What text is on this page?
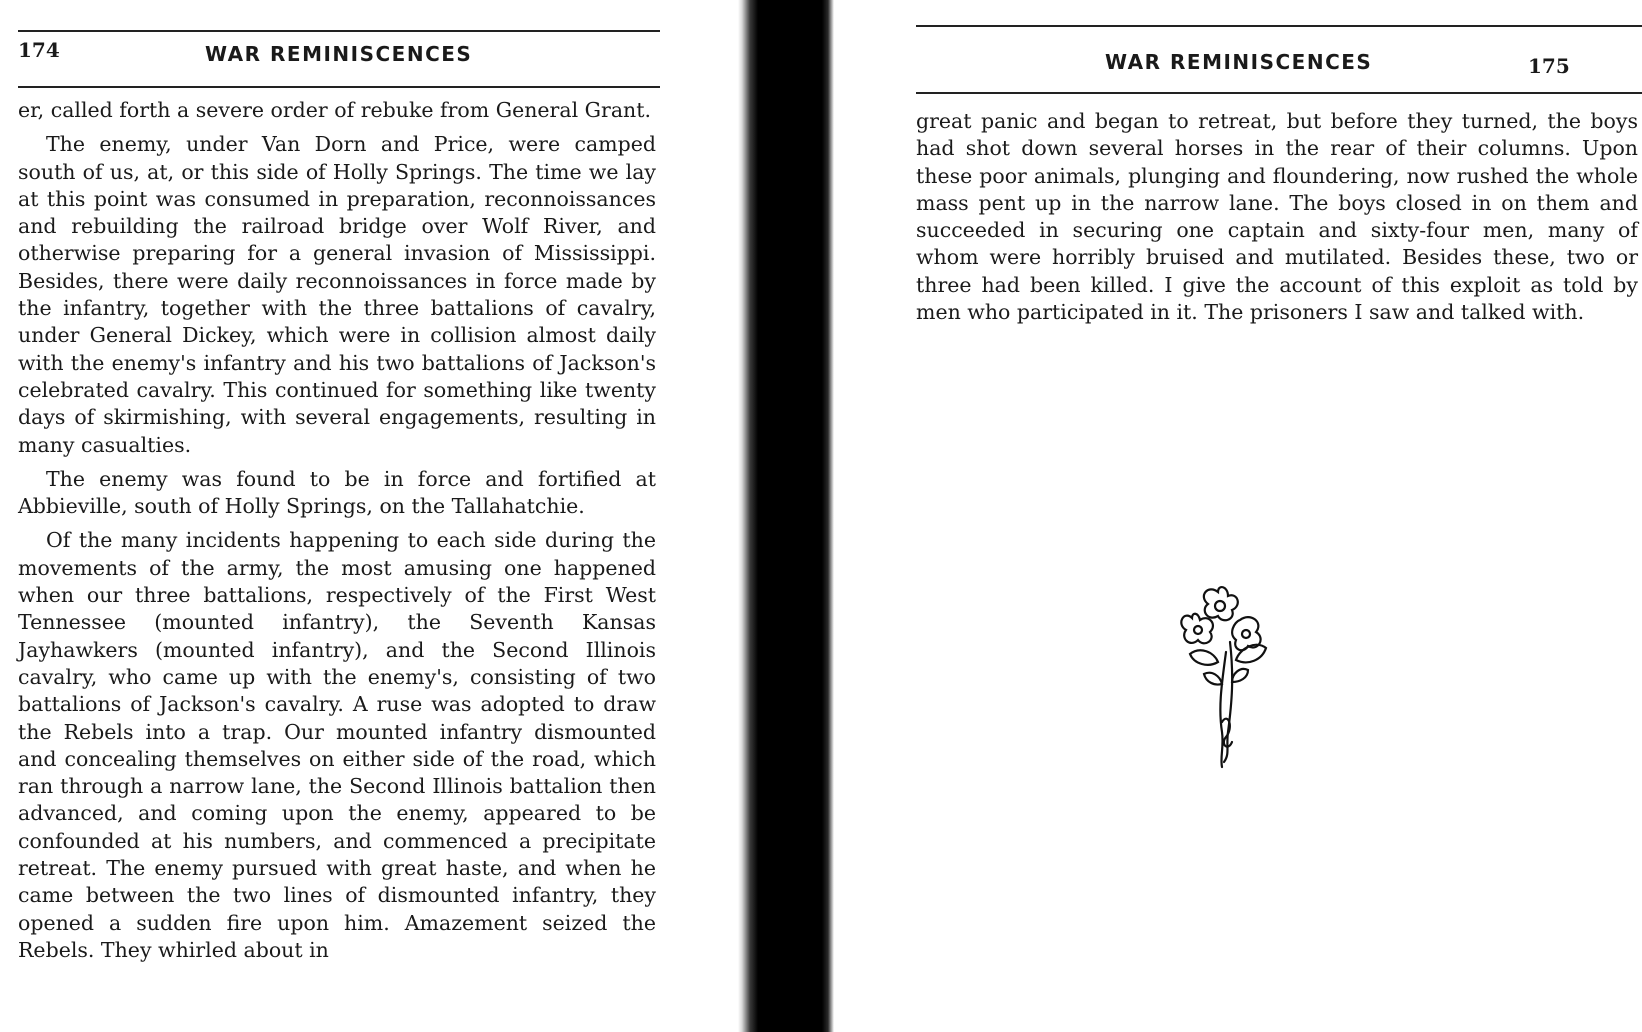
174	WAR REMINISCENCES

er, called forth a severe order of rebuke from General Grant.

The enemy, under Van Dorn and Price, were camped south of us, at, or this side of Holly Springs. The time we lay at this point was consumed in preparation, reconnoissances and rebuilding the railroad bridge over Wolf River, and otherwise preparing for a general invasion of Mississippi. Besides, there were daily reconnoissances in force made by the infantry, together with the three battalions of cavalry, under General Dickey, which were in collision almost daily with the enemy's infantry and his two battalions of Jackson's celebrated cavalry. This continued for something like twenty days of skirmishing, with several engagements, resulting in many casualties.

The enemy was found to be in force and fortified at Abbieville, south of Holly Springs, on the Tallahatchie.

Of the many incidents happening to each side during the movements of the army, the most amusing one happened when our three battalions, respectively of the First West Tennessee (mounted infantry), the Seventh Kansas Jayhawkers (mounted infantry), and the Second Illinois cavalry, who came up with the enemy's, consisting of two battalions of Jackson's cavalry. A ruse was adopted to draw the Rebels into a trap. Our mounted infantry dismounted and concealing themselves on either side of the road, which ran through a narrow lane, the Second Illinois battalion then advanced, and coming upon the enemy, appeared to be confounded at his numbers, and commenced a precipitate retreat. The enemy pursued with great haste, and when he came between the two lines of dismounted infantry, they opened a sudden fire upon him. Amazement seized the Rebels. They whirled about in

WAR REMINISCENCES	175

great panic and began to retreat, but before they turned, the boys had shot down several horses in the rear of their columns. Upon these poor animals, plunging and floundering, now rushed the whole mass pent up in the narrow lane. The boys closed in on them and succeeded in securing one captain and sixty-four men, many of whom were horribly bruised and mutilated. Besides these, two or three had been killed. I give the account of this exploit as told by men who participated in it. The prisoners I saw and talked with.
